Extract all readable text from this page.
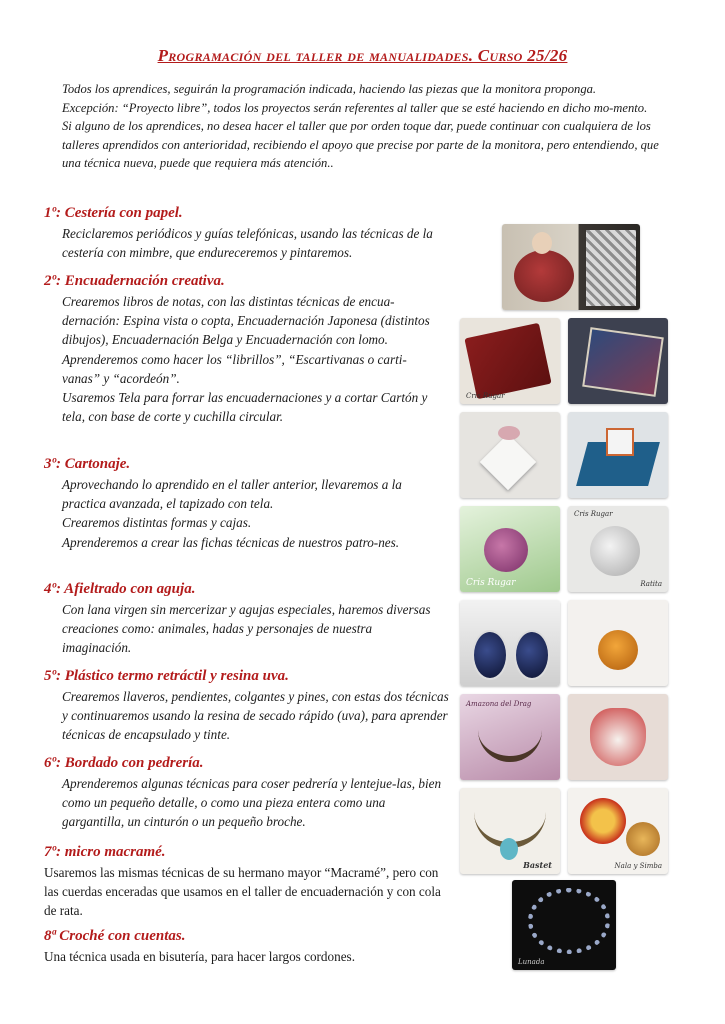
Programación del taller de manualidades. Curso 25/26

Todos los aprendices, seguirán la programación indicada, haciendo las piezas que la monitora proponga.

Excepción: “Proyecto libre”, todos los proyectos serán referentes al taller que se esté haciendo en dicho mo-mento.

Si alguno de los aprendices, no desea hacer el taller que por orden toque dar, puede continuar con cualquiera de los talleres aprendidos con anterioridad, recibiendo el apoyo que precise por parte de la monitora, pero entendiendo, que una técnica nueva, puede que requiera más atención..

1º: Cestería con papel.

Reciclaremos periódicos y guías telefónicas, usando las técnicas de la cestería con mimbre, que endureceremos y pintaremos.

2º: Encuadernación creativa.

Crearemos libros de notas, con las distintas técnicas de encua-dernación: Espina vista o copta, Encuadernación Japonesa (distintos dibujos), Encuadernación Belga y Encuadernación con lomo.

Aprenderemos como hacer los “librillos”, “Escartivanas o carti-vanas” y “acordeón”.

Usaremos Tela para forrar las encuadernaciones y a cortar Cartón y tela, con base de corte y cuchilla circular.

3º: Cartonaje.

Aprovechando lo aprendido en el taller anterior, llevaremos a la practica avanzada, el tapizado con tela.

Crearemos distintas formas y cajas.

Aprenderemos a crear las fichas técnicas de nuestros patro-nes.

4º: Afieltrado con aguja.

Con lana virgen sin mercerizar y agujas especiales, haremos diversas creaciones como: animales, hadas y personajes de nuestra imaginación.

5º: Plástico termo retráctil y resina uva.

Crearemos llaveros, pendientes, colgantes y pines, con estas dos técnicas y continuaremos usando la resina de secado rápido (uva), para aprender técnicas de encapsulado y tinte.

6º: Bordado con pedrería.

Aprenderemos algunas técnicas para coser pedrería y lentejue-las, bien como un pequeño detalle, o como una pieza entera como una gargantilla, un cinturón o un pequeño broche.

7º: micro macramé.

Usaremos las mismas técnicas de su hermano mayor “Macramé”, pero con las cuerdas enceradas que usamos en el taller de encuadernación y con cola de rata.

8ª Croché con cuentas.

Una técnica usada en bisutería, para hacer largos cordones.

Cris Rugar
Cris Rugar
Cris Rugar
Ratita
Amazona del Drag
Bastet	Nala y Simba
Lunada
